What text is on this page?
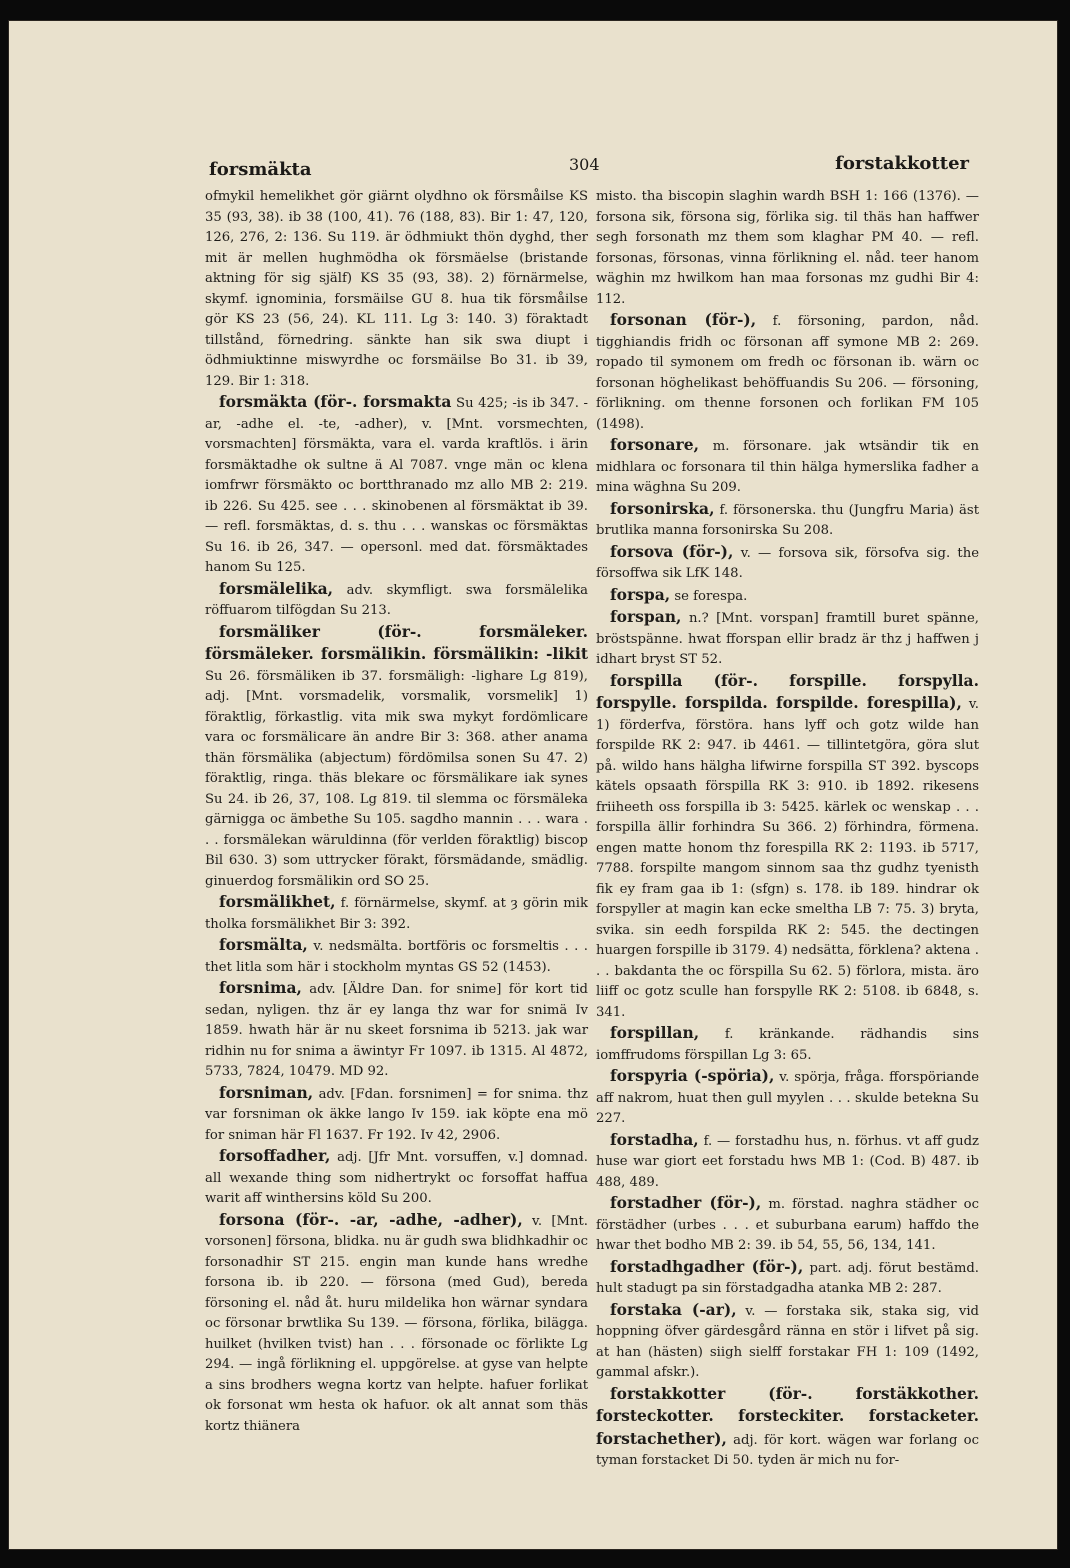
forsmäkta	304	forstakkotter

ofmykil hemelikhet gör giärnt olydhno ok försmåilse KS 35 (93, 38). ib 38 (100, 41). 76 (188, 83). Bir 1: 47, 120, 126, 276, 2: 136. Su 119. är ödhmiukt thön dyghd, ther mit är mellen hughmödha ok försmäelse (bristande aktning för sig själf) KS 35 (93, 38). 2) förnärmelse, skymf. ignominia, forsmäilse GU 8. hua tik försmåilse gör KS 23 (56, 24). KL 111. Lg 3: 140. 3) föraktadt tillstånd, förnedring. sänkte han sik swa diupt i ödhmiuktinne miswyrdhe oc forsmäilse Bo 31. ib 39, 129. Bir 1: 318.

forsmäkta (för-. forsmakta Su 425; -is ib 347. -ar, -adhe el. -te, -adher), v. [Mnt. vorsmechten, vorsmachten] försmäkta, vara el. varda kraftlös. i ärin forsmäktadhe ok sultne ä Al 7087. vnge män oc klena iomfrwr försmäkto oc bortthranado mz allo MB 2: 219. ib 226. Su 425. see . . . skinobenen al försmäktat ib 39. — refl. forsmäktas, d. s. thu . . . wanskas oc försmäktas Su 16. ib 26, 347. — opersonl. med dat. försmäktades hanom Su 125.

forsmälelika, adv. skymfligt. swa forsmälelika röffuarom tilfögdan Su 213.

forsmäliker (för-. forsmäleker. försmäleker. forsmälikin. försmälikin: -likit Su 26. försmäliken ib 37. forsmäligh: -lighare Lg 819), adj. [Mnt. vorsmadelik, vorsmalik, vorsmelik] 1) föraktlig, förkastlig. vita mik swa mykyt fordömlicare vara oc forsmälicare än andre Bir 3: 368. ather anama thän försmälika (abjectum) fördömilsa sonen Su 47. 2) föraktlig, ringa. thäs blekare oc försmälikare iak synes Su 24. ib 26, 37, 108. Lg 819. til slemma oc försmäleka gärnigga oc ämbethe Su 105. sagdho mannin . . . wara . . . forsmälekan wäruldinna (för verlden föraktlig) biscop Bil 630. 3) som uttrycker förakt, försmädande, smädlig. ginuerdog forsmälikin ord SO 25.

forsmälikhet, f. förnärmelse, skymf. at ȝ görin mik tholka forsmälikhet Bir 3: 392.

forsmälta, v. nedsmälta. bortföris oc forsmeltis . . . thet litla som här i stockholm myntas GS 52 (1453).

forsnima, adv. [Äldre Dan. for snime] för kort tid sedan, nyligen. thz är ey langa thz war for snimä Iv 1859. hwath här är nu skeet forsnima ib 5213. jak war ridhin nu for snima a äwintyr Fr 1097. ib 1315. Al 4872, 5733, 7824, 10479. MD 92.

forsniman, adv. [Fdan. forsnimen] = for snima. thz var forsniman ok äkke lango Iv 159. iak köpte ena mö for sniman här Fl 1637. Fr 192. Iv 42, 2906.

forsoffadher, adj. [Jfr Mnt. vorsuffen, v.] domnad. all wexande thing som nidhertrykt oc forsoffat haffua warit aff winthersins köld Su 200.

forsona (för-. -ar, -adhe, -adher), v. [Mnt. vorsonen] försona, blidka. nu är gudh swa blidhkadhir oc forsonadhir ST 215. engin man kunde hans wredhe forsona ib. ib 220. — försona (med Gud), bereda försoning el. nåd åt. huru mildelika hon wärnar syndara oc försonar brwtlika Su 139. — försona, förlika, bilägga. huilket (hvilken tvist) han . . . försonade oc förlikte Lg 294. — ingå förlikning el. uppgörelse. at gyse van helpte a sins brodhers wegna kortz van helpte. hafuer forlikat ok forsonat wm hesta ok hafuor. ok alt annat som thäs kortz thiänera

misto. tha biscopin slaghin wardh BSH 1: 166 (1376). — forsona sik, försona sig, förlika sig. til thäs han haffwer segh forsonath mz them som klaghar PM 40. — refl. forsonas, försonas, vinna förlikning el. nåd. teer hanom wäghin mz hwilkom han maa forsonas mz gudhi Bir 4: 112.

forsonan (för-), f. försoning, pardon, nåd. tigghiandis fridh oc försonan aff symone MB 2: 269. ropado til symonem om fredh oc försonan ib. wärn oc forsonan höghelikast behöffuandis Su 206. — försoning, förlikning. om thenne forsonen och forlikan FM 105 (1498).

forsonare, m. försonare. jak wtsändir tik en midhlara oc forsonara til thin hälga hymerslika fadher a mina wäghna Su 209.

forsonirska, f. försonerska. thu (Jungfru Maria) äst brutlika manna forsonirska Su 208.

forsova (för-), v. — forsova sik, försofva sig. the försoffwa sik LfK 148.

forspa, se forespa.

forspan, n.? [Mnt. vorspan] framtill buret spänne, bröstspänne. hwat fforspan ellir bradz är thz j haffwen j idhart bryst ST 52.

forspilla (för-. forspille. forspylla. forspylle. forspilda. forspilde. forespilla), v. 1) förderfva, förstöra. hans lyff och gotz wilde han forspilde RK 2: 947. ib 4461. — tillintetgöra, göra slut på. wildo hans hälgha lifwirne forspilla ST 392. byscops kätels opsaath förspilla RK 3: 910. ib 1892. rikesens friiheeth oss forspilla ib 3: 5425. kärlek oc wenskap . . . forspilla ällir forhindra Su 366. 2) förhindra, förmena. engen matte honom thz forespilla RK 2: 1193. ib 5717, 7788. forspilte mangom sinnom saa thz gudhz tyenisth fik ey fram gaa ib 1: (sfgn) s. 178. ib 189. hindrar ok forspyller at magin kan ecke smeltha LB 7: 75. 3) bryta, svika. sin eedh forspilda RK 2: 545. the dectingen huargen forspille ib 3179. 4) nedsätta, förklena? aktena . . . bakdanta the oc förspilla Su 62. 5) förlora, mista. äro liiff oc gotz sculle han forspylle RK 2: 5108. ib 6848, s. 341.

forspillan, f. kränkande. rädhandis sins iomffrudoms förspillan Lg 3: 65.

forspyria (-spöria), v. spörja, fråga. fforspöriande aff nakrom, huat then gull myylen . . . skulde betekna Su 227.

forstadha, f. — forstadhu hus, n. förhus. vt aff gudz huse war giort eet forstadu hws MB 1: (Cod. B) 487. ib 488, 489.

forstadher (för-), m. förstad. naghra städher oc förstädher (urbes . . . et suburbana earum) haffdo the hwar thet bodho MB 2: 39. ib 54, 55, 56, 134, 141.

forstadhgadher (för-), part. adj. förut bestämd. hult stadugt pa sin förstadgadha atanka MB 2: 287.

forstaka (-ar), v. — forstaka sik, staka sig, vid hoppning öfver gärdesgård ränna en stör i lifvet på sig. at han (hästen) siigh sielff forstakar FH 1: 109 (1492, gammal afskr.).

forstakkotter (för-. forstäkkother. forsteckotter. forsteckiter. forstacketer. forstachether), adj. för kort. wägen war forlang oc tyman forstacket Di 50. tyden är mich nu for-
